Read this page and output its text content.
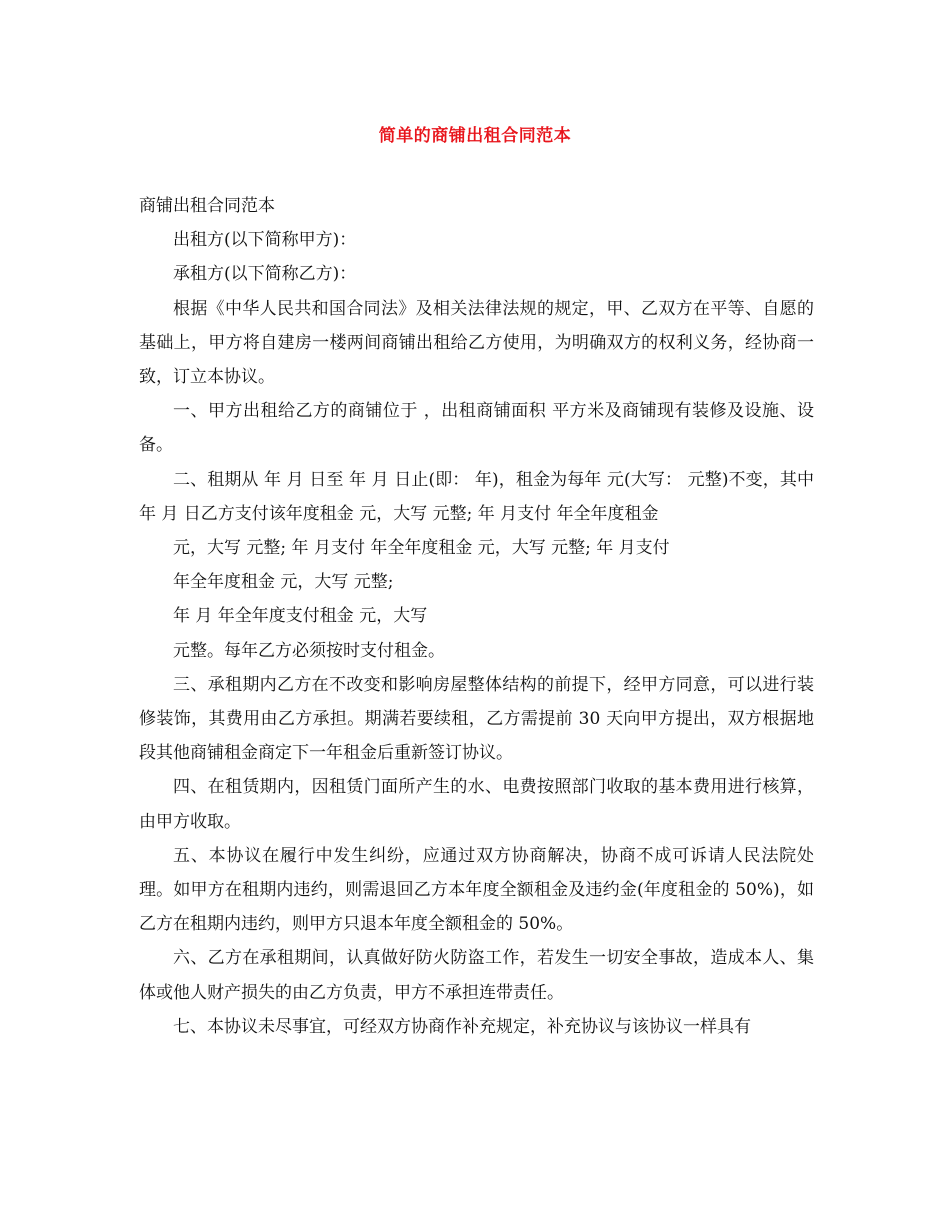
简单的商铺出租合同范本

商铺出租合同范本

出租方(以下简称甲方)：

承租方(以下简称乙方)：

根据《中华人民共和国合同法》及相关法律法规的规定，甲、乙双方在平等、自愿的基础上，甲方将自建房一楼两间商铺出租给乙方使用，为明确双方的权利义务，经协商一致，订立本协议。

一、甲方出租给乙方的商铺位于 ，出租商铺面积 平方米及商铺现有装修及设施、设备。

二、租期从 年 月 日至 年 月 日止(即： 年)，租金为每年 元(大写： 元整)不变，其中 年 月 日乙方支付该年度租金 元，大写 元整; 年 月支付 年全年度租金

元，大写 元整; 年 月支付 年全年度租金 元，大写 元整; 年 月支付

年全年度租金 元，大写 元整;

年 月 年全年度支付租金 元，大写

元整。每年乙方必须按时支付租金。

三、承租期内乙方在不改变和影响房屋整体结构的前提下，经甲方同意，可以进行装修装饰，其费用由乙方承担。期满若要续租，乙方需提前 30 天向甲方提出，双方根据地段其他商铺租金商定下一年租金后重新签订协议。

四、在租赁期内，因租赁门面所产生的水、电费按照部门收取的基本费用进行核算，由甲方收取。

五、本协议在履行中发生纠纷，应通过双方协商解决，协商不成可诉请人民法院处理。如甲方在租期内违约，则需退回乙方本年度全额租金及违约金(年度租金的 50%)，如乙方在租期内违约，则甲方只退本年度全额租金的 50%。

六、乙方在承租期间，认真做好防火防盗工作，若发生一切安全事故，造成本人、集体或他人财产损失的由乙方负责，甲方不承担连带责任。

七、本协议未尽事宜，可经双方协商作补充规定，补充协议与该协议一样具有
